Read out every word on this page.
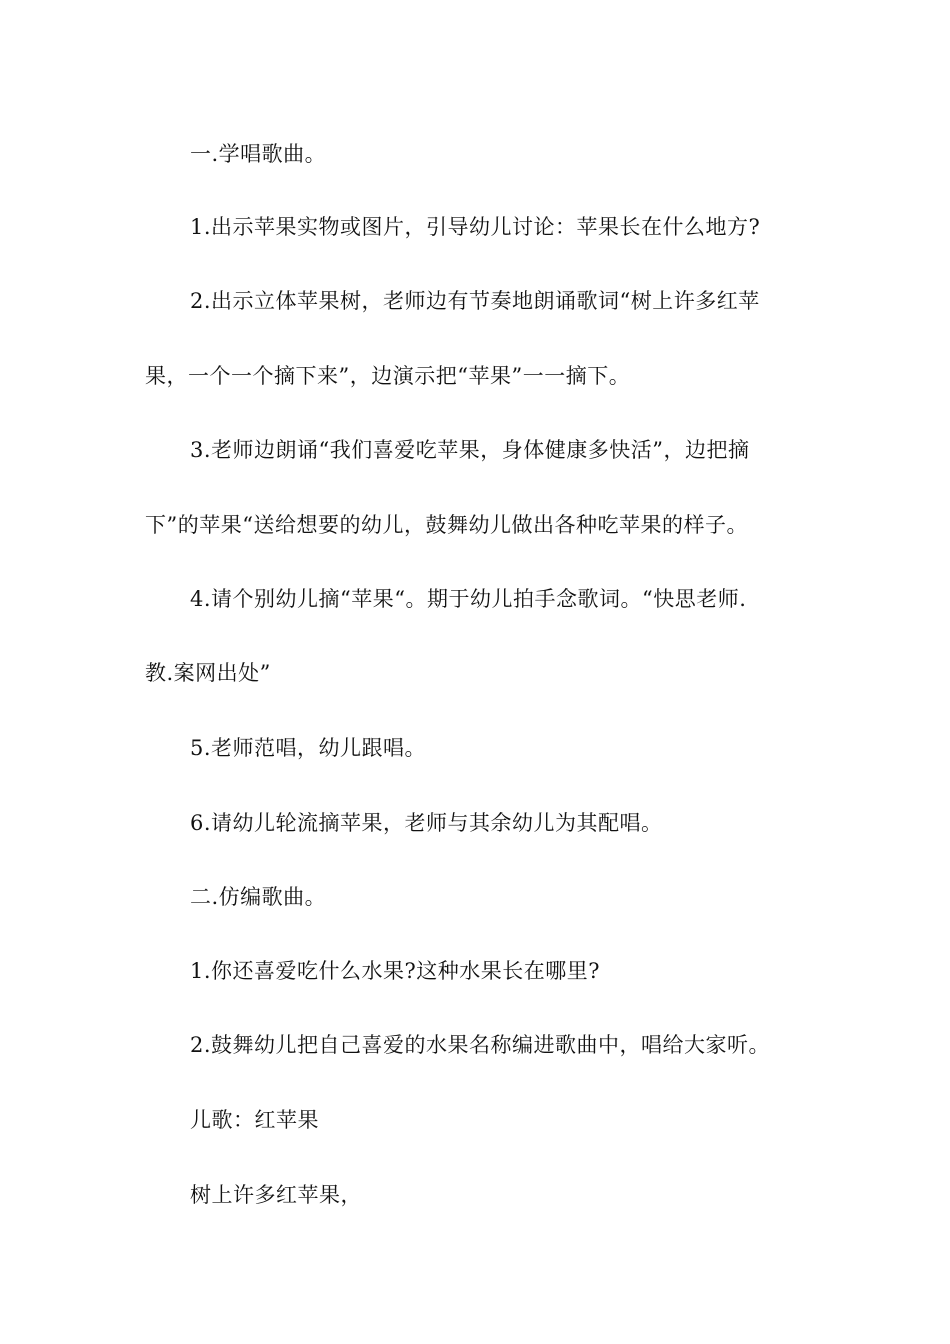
一.学唱歌曲。
1.出示苹果实物或图片，引导幼儿讨论：苹果长在什么地方?
2.出示立体苹果树，老师边有节奏地朗诵歌词“树上许多红苹
果，一个一个摘下来”，边演示把“苹果”一一摘下。
3.老师边朗诵“我们喜爱吃苹果，身体健康多快活”，边把摘
下”的苹果“送给想要的幼儿，鼓舞幼儿做出各种吃苹果的样子。
4.请个别幼儿摘“苹果“。期于幼儿拍手念歌词。“快思老师.
教.案网出处”
5.老师范唱，幼儿跟唱。
6.请幼儿轮流摘苹果，老师与其余幼儿为其配唱。
二.仿编歌曲。
1.你还喜爱吃什么水果?这种水果长在哪里?
2.鼓舞幼儿把自己喜爱的水果名称编进歌曲中，唱给大家听。
儿歌：红苹果
树上许多红苹果，
